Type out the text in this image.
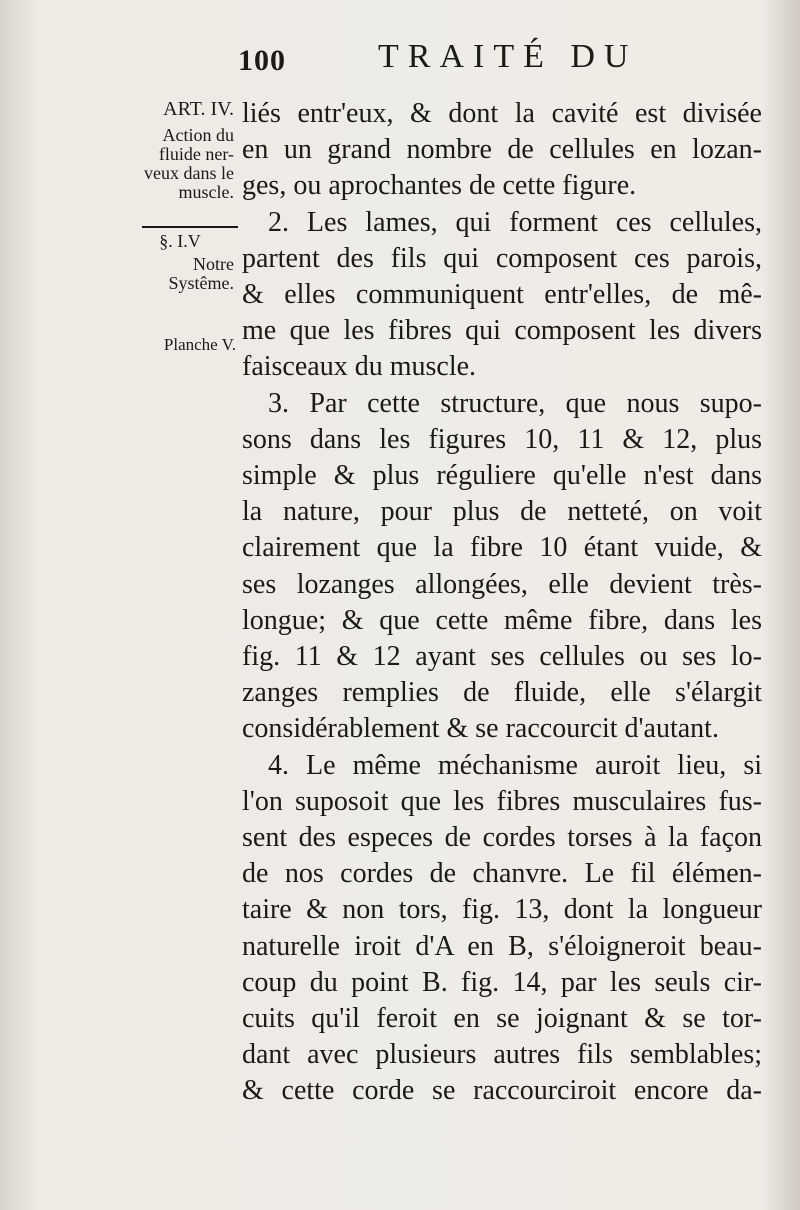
100	TRAITÉ DU
ART. IV.
Action du fluide ner-veux dans le muscle.
§. I.V
Notre Systême.
Planche V.
liés entr'eux, & dont la cavité est divisée
en un grand nombre de cellules en lozan-
ges, ou aprochantes de cette figure.
2. Les lames, qui forment ces cellules,
partent des fils qui composent ces parois,
& elles communiquent entr'elles, de mê-
me que les fibres qui composent les divers
faisceaux du muscle.
3. Par cette structure, que nous supo-
sons dans les figures 10, 11 & 12, plus
simple & plus réguliere qu'elle n'est dans
la nature, pour plus de netteté, on voit
clairement que la fibre 10 étant vuide, &
ses lozanges allongées, elle devient très-
longue; & que cette même fibre, dans les
fig. 11 & 12 ayant ses cellules ou ses lo-
zanges remplies de fluide, elle s'élargit
considérablement & se raccourcit d'autant.
4. Le même méchanisme auroit lieu, si
l'on suposoit que les fibres musculaires fus-
sent des especes de cordes torses à la façon
de nos cordes de chanvre. Le fil élémen-
taire & non tors, fig. 13, dont la longueur
naturelle iroit d'A en B, s'éloigneroit beau-
coup du point B. fig. 14, par les seuls cir-
cuits qu'il feroit en se joignant & se tor-
dant avec plusieurs autres fils semblables;
& cette corde se raccourciroit encore da-
